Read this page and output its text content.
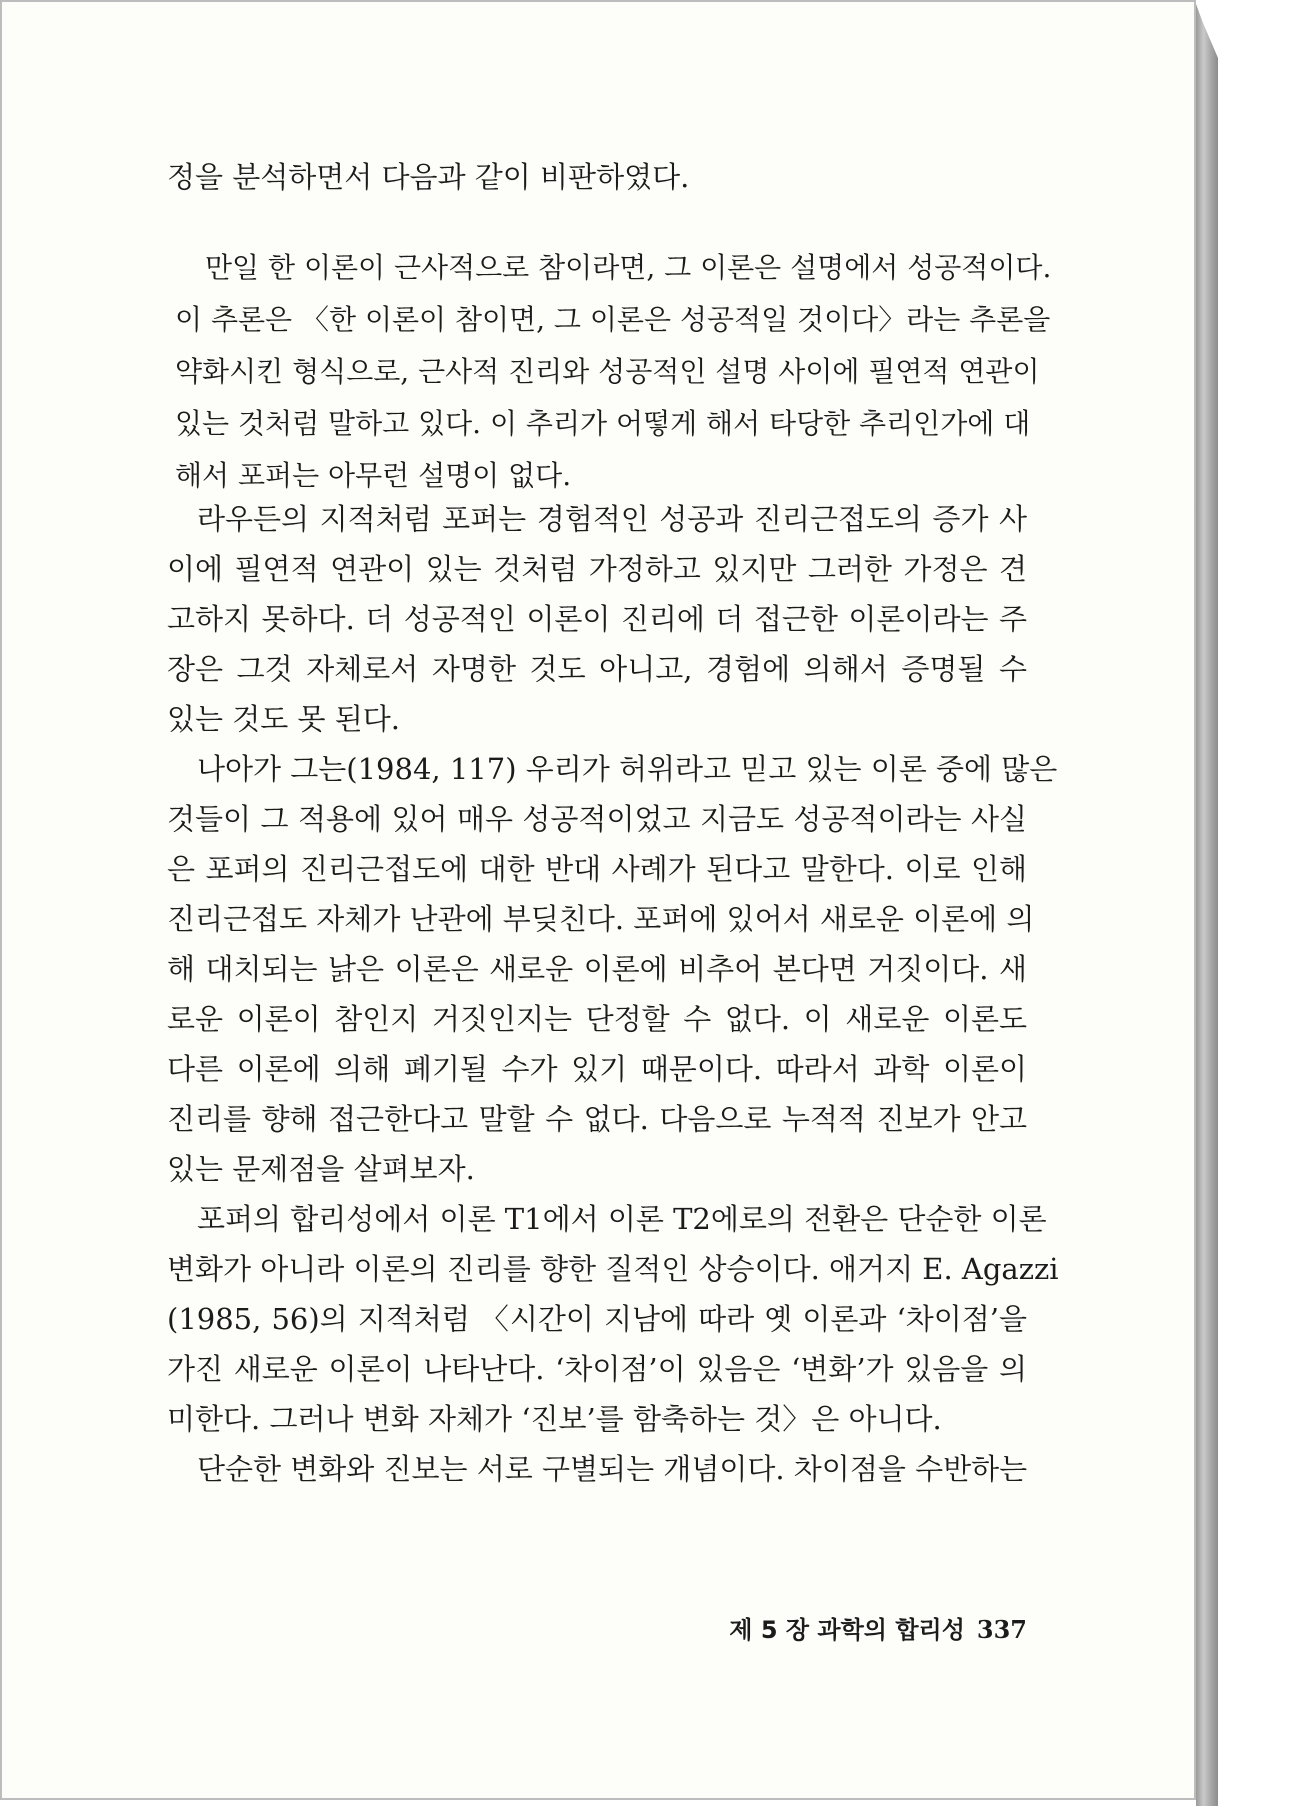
정을 분석하면서 다음과 같이 비판하였다.
만일 한 이론이 근사적으로 참이라면, 그 이론은 설명에서 성공적이다.
이 추론은 〈한 이론이 참이면, 그 이론은 성공적일 것이다〉라는 추론을
약화시킨 형식으로, 근사적 진리와 성공적인 설명 사이에 필연적 연관이
있는 것처럼 말하고 있다. 이 추리가 어떻게 해서 타당한 추리인가에 대
해서 포퍼는 아무런 설명이 없다.
라우든의 지적처럼 포퍼는 경험적인 성공과 진리근접도의 증가 사
이에 필연적 연관이 있는 것처럼 가정하고 있지만 그러한 가정은 견
고하지 못하다. 더 성공적인 이론이 진리에 더 접근한 이론이라는 주
장은 그것 자체로서 자명한 것도 아니고, 경험에 의해서 증명될 수
있는 것도 못 된다.
나아가 그는(1984, 117) 우리가 허위라고 믿고 있는 이론 중에 많은
것들이 그 적용에 있어 매우 성공적이었고 지금도 성공적이라는 사실
은 포퍼의 진리근접도에 대한 반대 사례가 된다고 말한다. 이로 인해
진리근접도 자체가 난관에 부딪친다. 포퍼에 있어서 새로운 이론에 의
해 대치되는 낡은 이론은 새로운 이론에 비추어 본다면 거짓이다. 새
로운 이론이 참인지 거짓인지는 단정할 수 없다. 이 새로운 이론도
다른 이론에 의해 폐기될 수가 있기 때문이다. 따라서 과학 이론이
진리를 향해 접근한다고 말할 수 없다. 다음으로 누적적 진보가 안고
있는 문제점을 살펴보자.
포퍼의 합리성에서 이론 T1에서 이론 T2에로의 전환은 단순한 이론
변화가 아니라 이론의 진리를 향한 질적인 상승이다. 애거지 E. Agazzi
(1985, 56)의 지적처럼 〈시간이 지남에 따라 옛 이론과 ‘차이점’을
가진 새로운 이론이 나타난다. ‘차이점’이 있음은 ‘변화’가 있음을 의
미한다. 그러나 변화 자체가 ‘진보’를 함축하는 것〉은 아니다.
단순한 변화와 진보는 서로 구별되는 개념이다. 차이점을 수반하는
제 5 장 과학의 합리성 337
